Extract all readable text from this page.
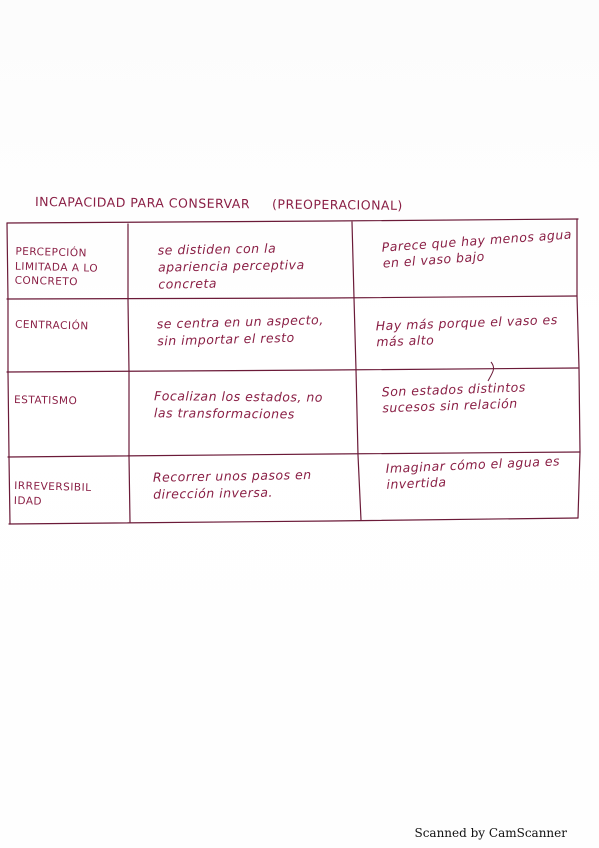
INCAPACIDAD PARA CONSERVAR (PREOPERACIONAL)
PERCEPCIÓN LIMITADA A LO CONCRETO
se distiden con la apariencia perceptiva concreta
Parece que hay menos agua en el vaso bajo
CENTRACIÓN	se centra en un aspecto, sin importar el resto
Hay más porque el vaso es más alto
ESTATISMO	Focalizan los estados, no las transformaciones
Son estados distintos sucesos sin relación
IRREVERSIBILIDAD
Recorrer unos pasos en dirección inversa.
Imaginar cómo el agua es invertida
Scanned by CamScanner
